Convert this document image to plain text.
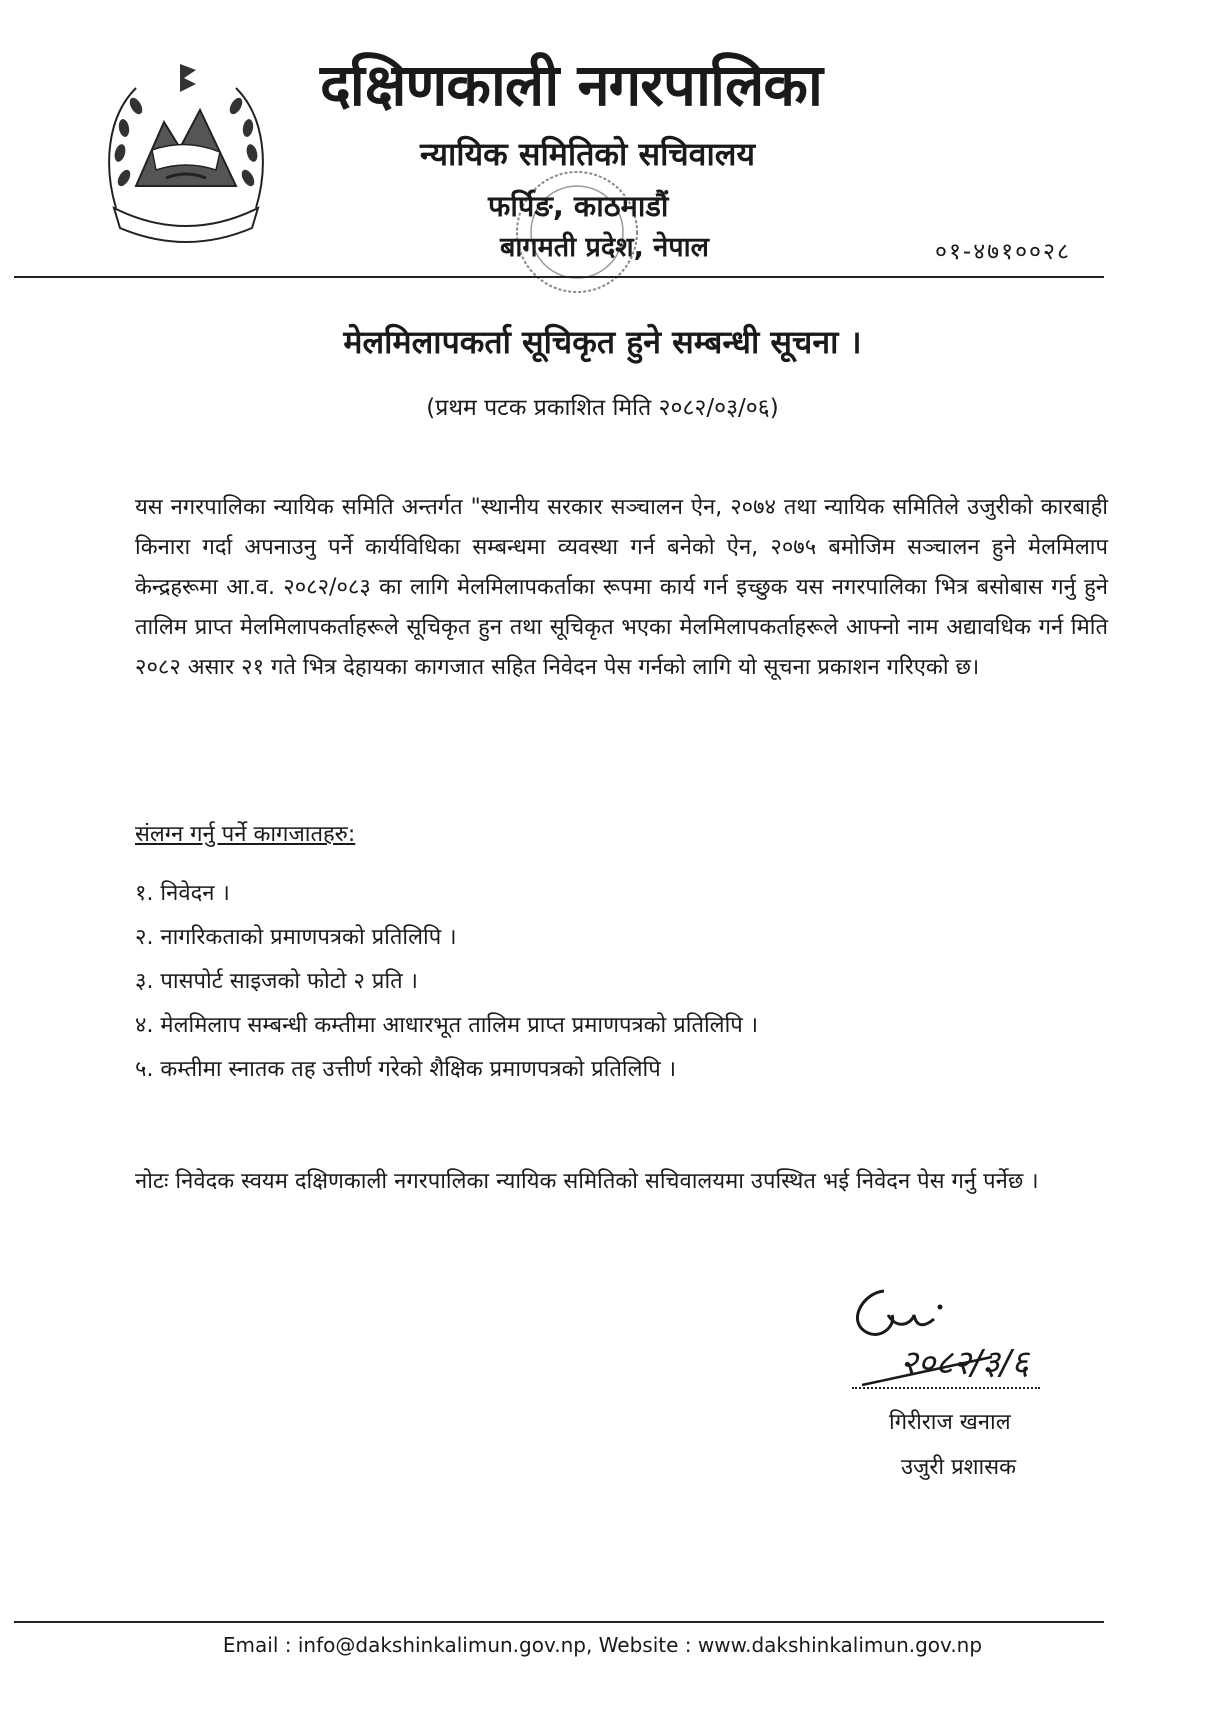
दक्षिणकाली नगरपालिका
न्यायिक समितिको सचिवालय
फर्पिङ, काठमाडौं
बागमती प्रदेश, नेपाल	०१-४७१००२८
मेलमिलापकर्ता सूचिकृत हुने सम्बन्धी सूचना ।
(प्रथम पटक प्रकाशित मिति २०८२/०३/०६)
यस नगरपालिका न्यायिक समिति अन्तर्गत "स्थानीय सरकार सञ्चालन ऐन, २०७४ तथा न्यायिक समितिले उजुरीको कारबाही किनारा गर्दा अपनाउनु पर्ने कार्यविधिका सम्बन्धमा व्यवस्था गर्न बनेको ऐन, २०७५ बमोजिम सञ्चालन हुने मेलमिलाप केन्द्रहरूमा आ.व. २०८२/०८३ का लागि मेलमिलापकर्ताका रूपमा कार्य गर्न इच्छुक यस नगरपालिका भित्र बसोबास गर्नु हुने तालिम प्राप्त मेलमिलापकर्ताहरूले सूचिकृत हुन तथा सूचिकृत भएका मेलमिलापकर्ताहरूले आफ्नो नाम अद्यावधिक गर्न मिति २०८२ असार २१ गते भित्र देहायका कागजात सहित निवेदन पेस गर्नको लागि यो सूचना प्रकाशन गरिएको छ।
संलग्न गर्नु पर्ने कागजातहरु:
१. निवेदन ।
२. नागरिकताको प्रमाणपत्रको प्रतिलिपि ।
३. पासपोर्ट साइजको फोटो २ प्रति ।
४. मेलमिलाप सम्बन्धी कम्तीमा आधारभूत तालिम प्राप्त प्रमाणपत्रको प्रतिलिपि ।
५. कम्तीमा स्नातक तह उत्तीर्ण गरेको शैक्षिक प्रमाणपत्रको प्रतिलिपि ।
नोटः निवेदक स्वयम दक्षिणकाली नगरपालिका न्यायिक समितिको सचिवालयमा उपस्थित भई निवेदन पेस गर्नु पर्नेछ ।
२०८२/३/६
गिरीराज खनाल
उजुरी प्रशासक
Email : info@dakshinkalimun.gov.np, Website : www.dakshinkalimun.gov.np
